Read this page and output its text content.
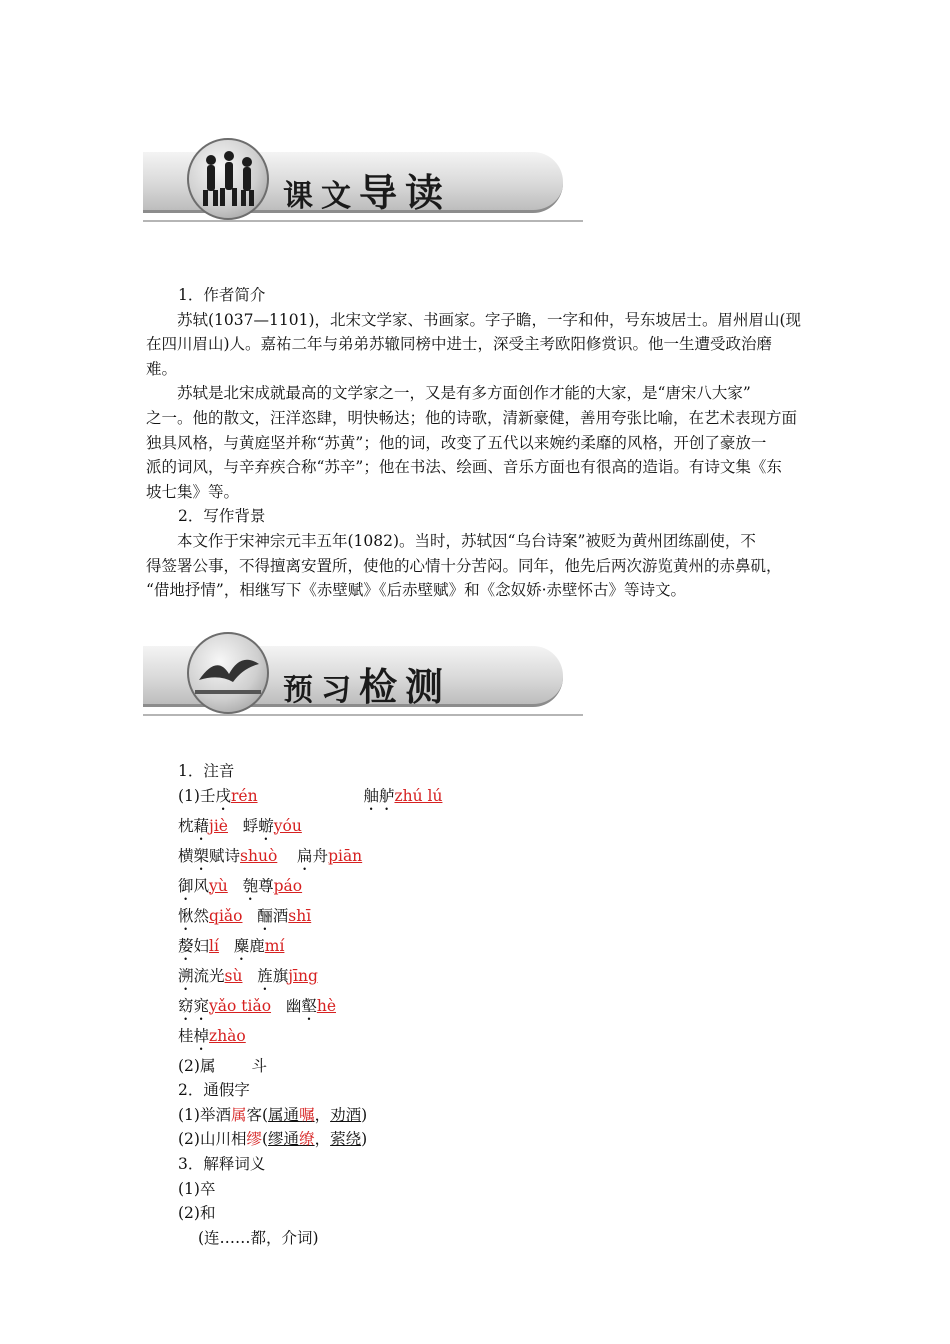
课文导读
1．作者简介
苏轼(1037—1101)，北宋文学家、书画家。字子瞻，一字和仲，号东坡居士。眉州眉山(现
在四川眉山)人。嘉祐二年与弟弟苏辙同榜中进士，深受主考欧阳修赏识。他一生遭受政治磨
难。
苏轼是北宋成就最高的文学家之一，又是有多方面创作才能的大家，是“唐宋八大家”
之一。他的散文，汪洋恣肆，明快畅达；他的诗歌，清新豪健，善用夸张比喻，在艺术表现方面
独具风格，与黄庭坚并称“苏黄”；他的词，改变了五代以来婉约柔靡的风格，开创了豪放一
派的词风，与辛弃疾合称“苏辛”；他在书法、绘画、音乐方面也有很高的造诣。有诗文集《东
坡七集》等。
2．写作背景
本文作于宋神宗元丰五年(1082)。当时，苏轼因“乌台诗案”被贬为黄州团练副使，不
得签署公事，不得擅离安置所，使他的心情十分苦闷。同年，他先后两次游览黄州的赤鼻矶，
“借地抒情”，相继写下《赤壁赋》《后赤壁赋》和《念奴娇·赤壁怀古》等诗文。
预习检测
1．注音
(1)壬戌rén	舳舻zhú lú
枕藉jiè 蜉蝣yóu
横槊赋诗shuò 扁舟piān
御风yù 匏尊páo
愀然qiǎo 酾酒shī
嫠妇lí 麋鹿mí
溯流光sù 旌旗jīng
窈窕yǎo tiǎo 幽壑hè
桂棹zhào
(2)属 斗
2．通假字
(1)举酒属客(属通嘱，劝酒)
(2)山川相缪(缪通缭，萦绕)
3．解释词义
(1)卒
(2)和
(连……都，介词)
